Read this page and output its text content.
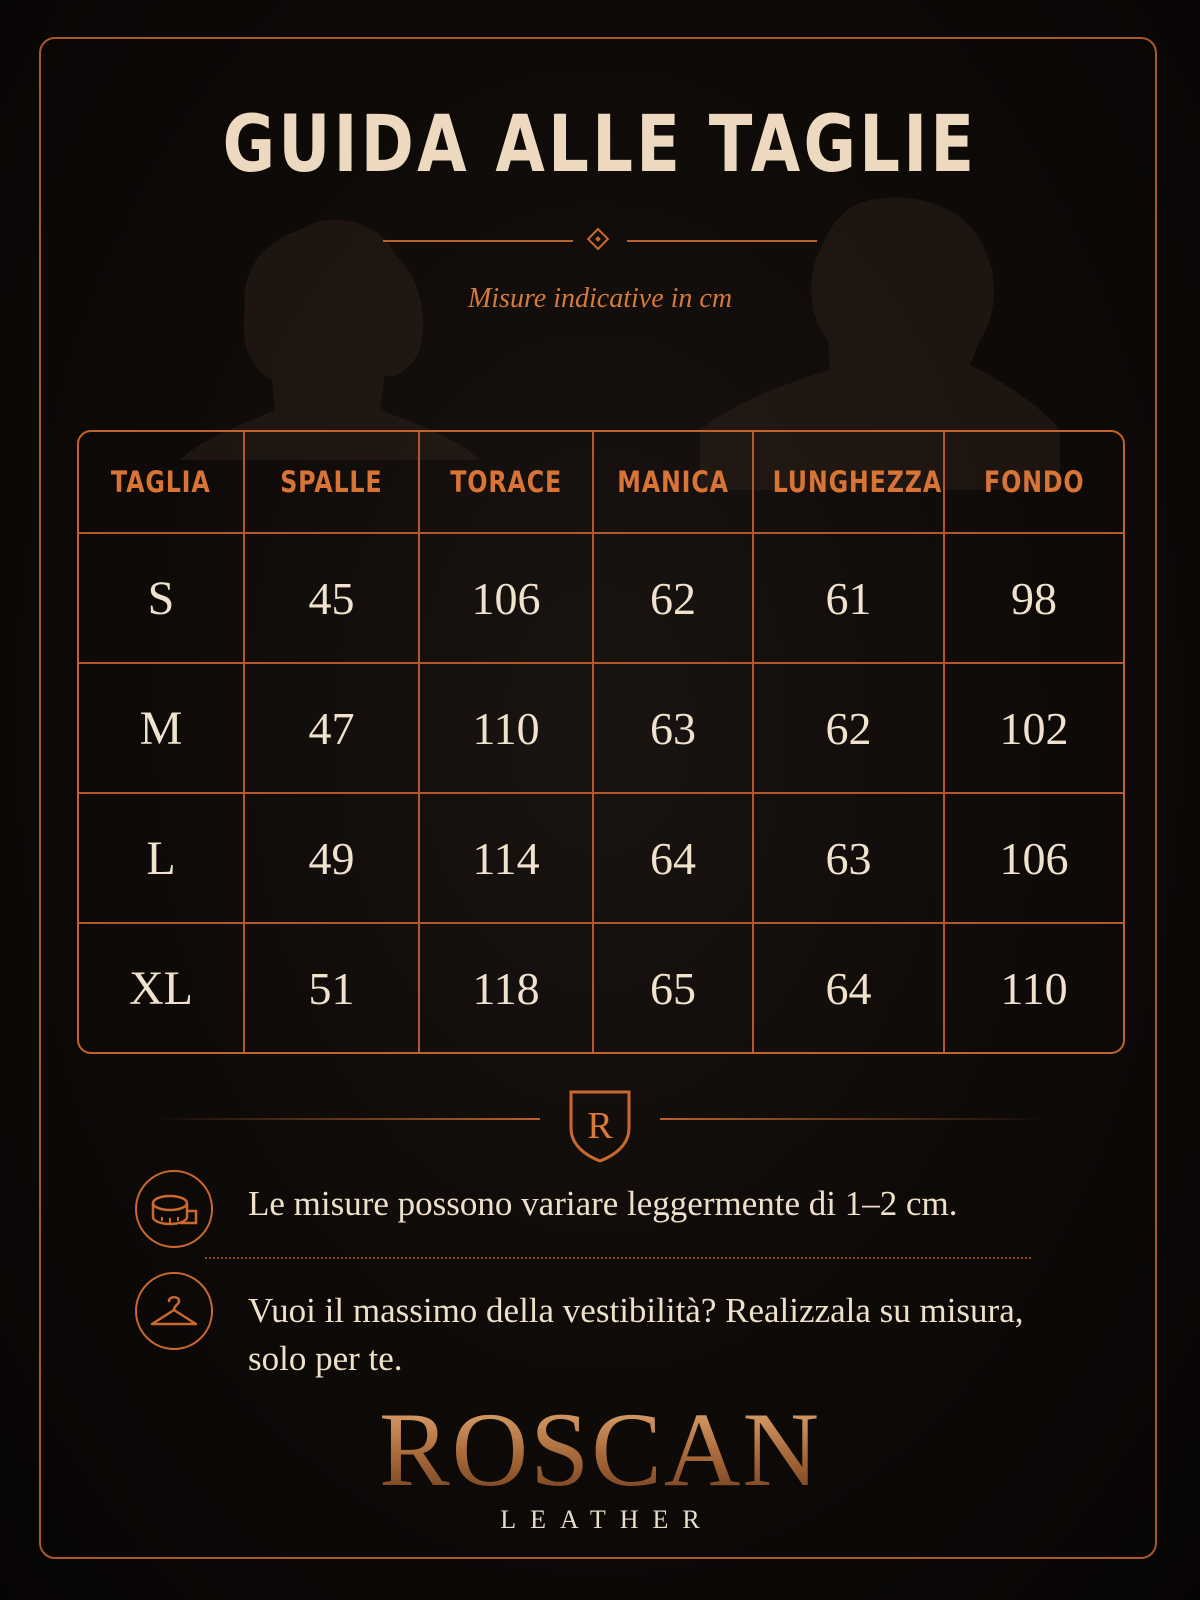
GUIDA ALLE TAGLIE
Misure indicative in cm
TAGLIA	SPALLE	TORACE	MANICA	LUNGHEZZA	FONDO
S	45	106	62	61	98
M	47	110	63	62	102
L	49	114	64	63	106
XL	51	118	65	64	110
R
Le misure possono variare leggermente di 1–2 cm.
Vuoi il massimo della vestibilità? Realizzala su misura, solo per te.
ROSCAN
LEATHER
